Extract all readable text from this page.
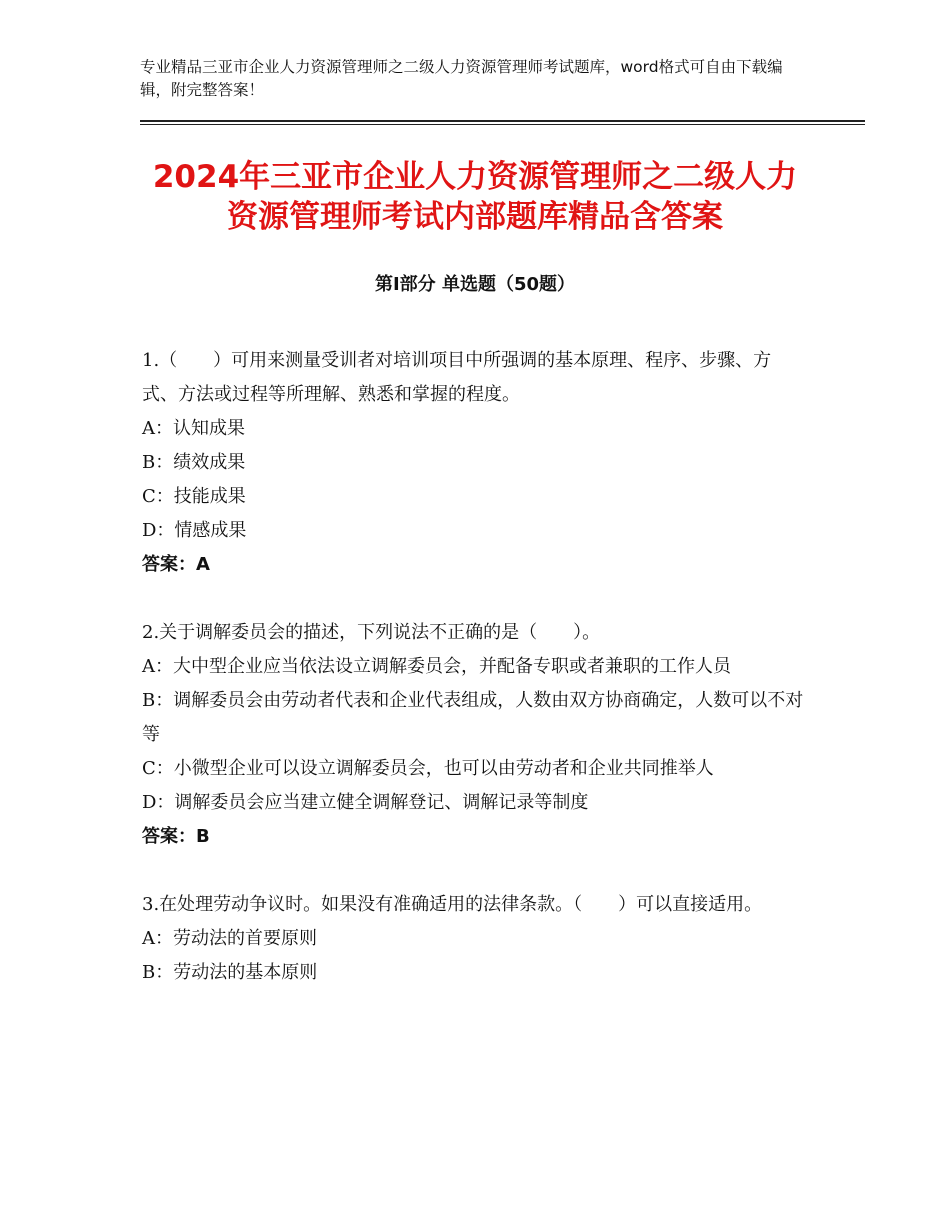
专业精品三亚市企业人力资源管理师之二级人力资源管理师考试题库，word格式可自由下载编辑，附完整答案！
2024年三亚市企业人力资源管理师之二级人力资源管理师考试内部题库精品含答案
第Ⅰ部分 单选题（50题）

1.（　　）可用来测量受训者对培训项目中所强调的基本原理、程序、步骤、方式、方法或过程等所理解、熟悉和掌握的程度。

A：认知成果

B：绩效成果

C：技能成果

D：情感成果

答案：A

2.关于调解委员会的描述，下列说法不正确的是（　　）。

A：大中型企业应当依法设立调解委员会，并配备专职或者兼职的工作人员

B：调解委员会由劳动者代表和企业代表组成，人数由双方协商确定，人数可以不对等

C：小微型企业可以设立调解委员会，也可以由劳动者和企业共同推举人

D：调解委员会应当建立健全调解登记、调解记录等制度

答案：B

3.在处理劳动争议时。如果没有准确适用的法律条款。（　　）可以直接适用。

A：劳动法的首要原则

B：劳动法的基本原则
